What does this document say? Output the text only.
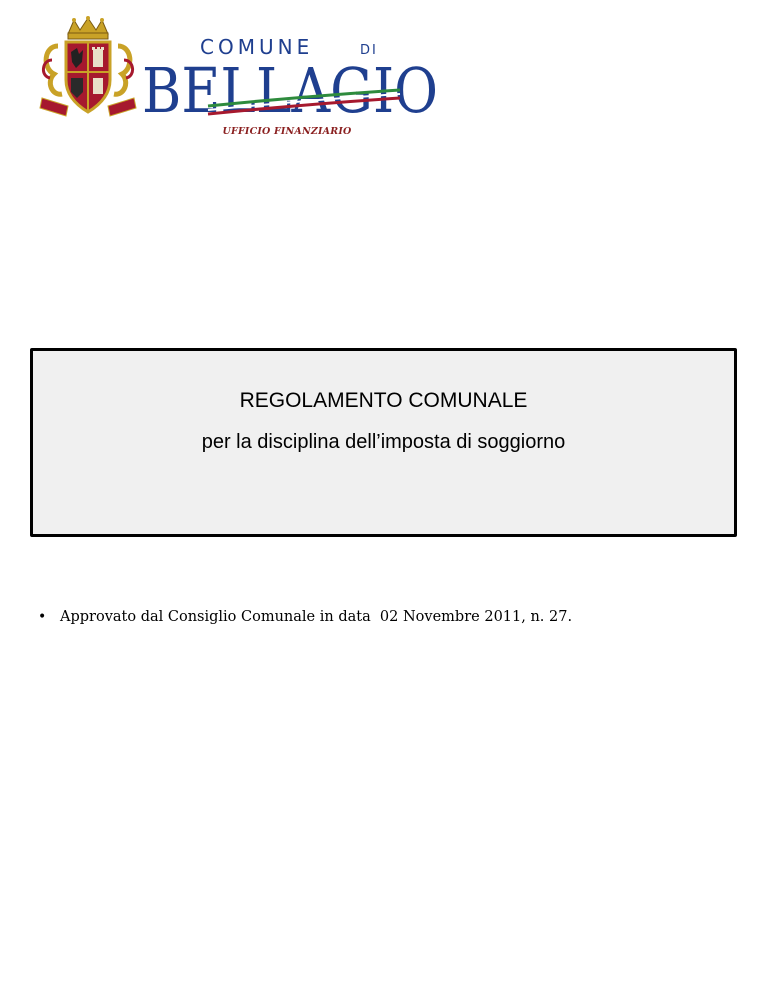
COMUNE	DI
BELLAGIO
UFFICIO FINANZIARIO
REGOLAMENTO COMUNALE
per la disciplina dell’imposta di soggiorno
• Approvato dal Consiglio Comunale in data  02 Novembre 2011, n. 27.
